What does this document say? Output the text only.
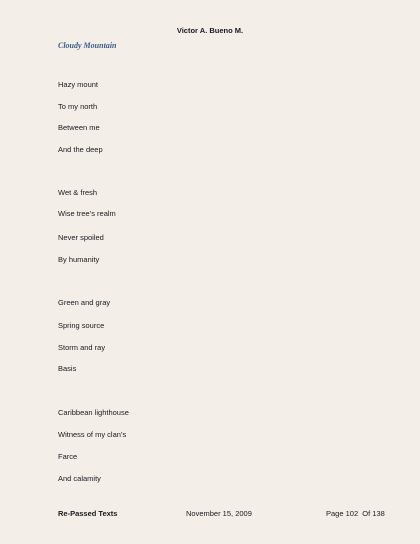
Victor A. Bueno M.
Cloudy Mountain
Hazy mount
To my north
Between me
And the deep
Wet & fresh
Wise tree’s realm
Never spoiled
By humanity
Green and gray
Spring source
Storm and ray
Basis
Caribbean lighthouse
Witness of my clan’s
Farce
And calamity
Re-Passed Texts	November 15, 2009	Page 102  Of 138
